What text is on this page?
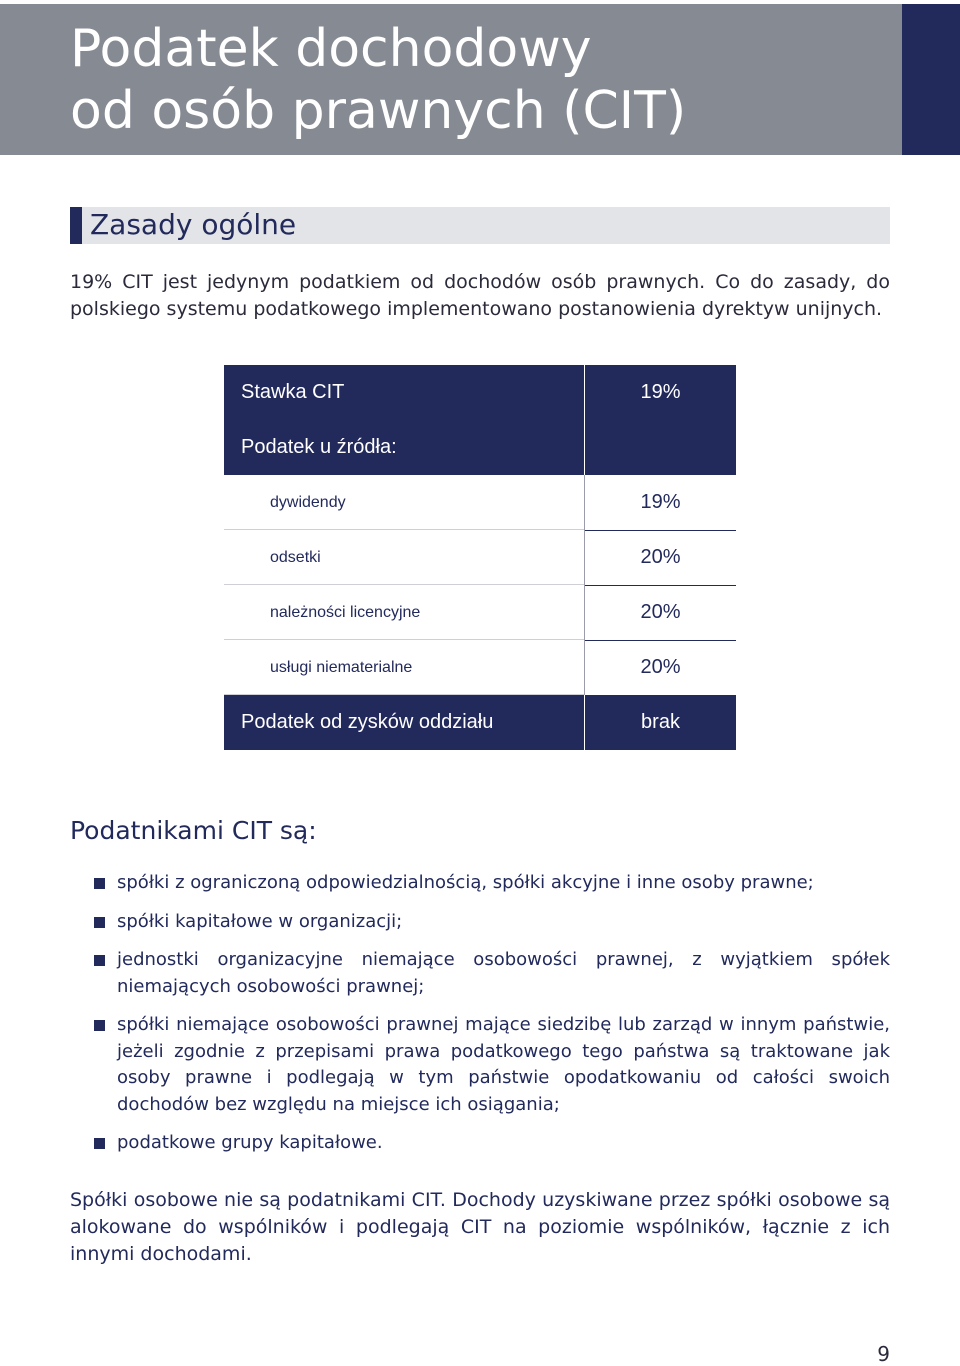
Podatek dochodowy
od osób prawnych (CIT)
Zasady ogólne

19% CIT jest jedynym podatkiem od dochodów osób prawnych. Co do zasady, do polskiego systemu podatkowego implementowano postanowienia dyrektyw unijnych.

Stawka CIT	19%
Podatek u źródła:
dywidendy	19%
odsetki	20%
należności licencyjne	20%
usługi niematerialne	20%
Podatek od zysków oddziału	brak
Podatnikami CIT są:
spółki z ograniczoną odpowiedzialnością, spółki akcyjne i inne osoby prawne;
spółki kapitałowe w organizacji;
jednostki organizacyjne niemające osobowości prawnej, z wyjątkiem spółek niemających osobowości prawnej;
spółki niemające osobowości prawnej mające siedzibę lub zarząd w innym państwie, jeżeli zgodnie z przepisami prawa podatkowego tego państwa są traktowane jak osoby prawne i podlegają w tym państwie opodatkowaniu od całości swoich dochodów bez względu na miejsce ich osiągania;
podatkowe grupy kapitałowe.

Spółki osobowe nie są podatnikami CIT. Dochody uzyskiwane przez spółki osobowe są alokowane do wspólników i podlegają CIT na poziomie wspólników, łącznie z ich innymi dochodami.

9
